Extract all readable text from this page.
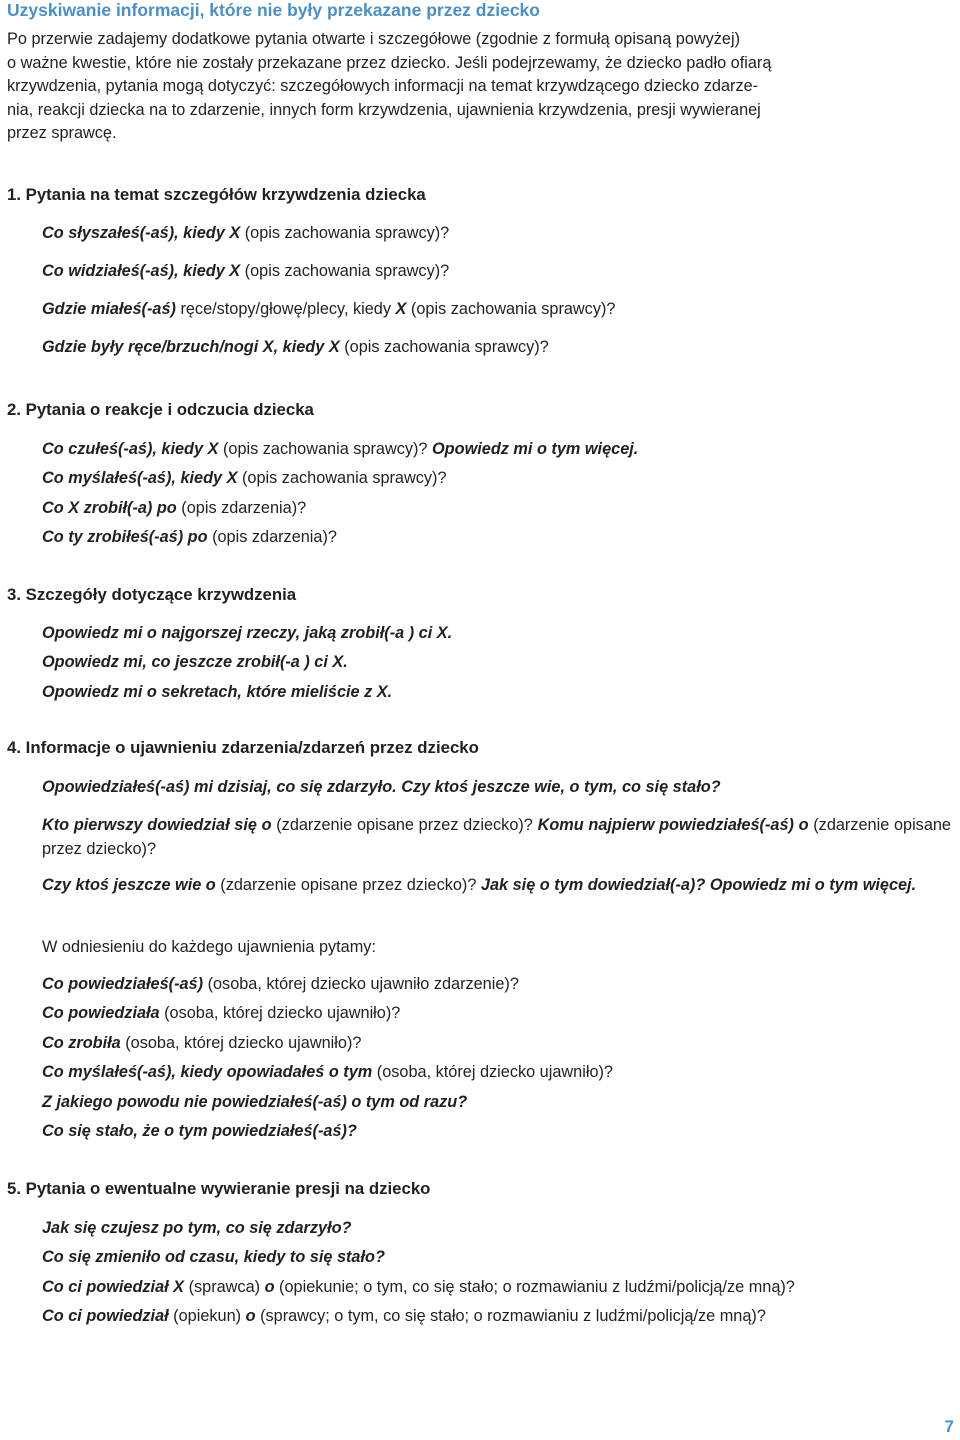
Uzyskiwanie informacji, które nie były przekazane przez dziecko

Po przerwie zadajemy dodatkowe pytania otwarte i szczegółowe (zgodnie z formułą opisaną powyżej)
o ważne kwestie, które nie zostały przekazane przez dziecko. Jeśli podejrzewamy, że dziecko padło ofiarą
krzywdzenia, pytania mogą dotyczyć: szczegółowych informacji na temat krzywdzącego dziecko zdarze-
nia, reakcji dziecka na to zdarzenie, innych form krzywdzenia, ujawnienia krzywdzenia, presji wywieranej
przez sprawcę.

1. Pytania na temat szczegółów krzywdzenia dziecka

Co słyszałeś(-aś), kiedy X (opis zachowania sprawcy)?

Co widziałeś(-aś), kiedy X (opis zachowania sprawcy)?

Gdzie miałeś(-aś) ręce/stopy/głowę/plecy, kiedy X (opis zachowania sprawcy)?

Gdzie były ręce/brzuch/nogi X, kiedy X (opis zachowania sprawcy)?

2. Pytania o reakcje i odczucia dziecka

Co czułeś(-aś), kiedy X (opis zachowania sprawcy)? Opowiedz mi o tym więcej.

Co myślałeś(-aś), kiedy X (opis zachowania sprawcy)?

Co X zrobił(-a) po (opis zdarzenia)?

Co ty zrobiłeś(-aś) po (opis zdarzenia)?

3. Szczegóły dotyczące krzywdzenia

Opowiedz mi o najgorszej rzeczy, jaką zrobił(-a ) ci X.

Opowiedz mi, co jeszcze zrobił(-a ) ci X.

Opowiedz mi o sekretach, które mieliście z X.

4. Informacje o ujawnieniu zdarzenia/zdarzeń przez dziecko

Opowiedziałeś(-aś) mi dzisiaj, co się zdarzyło. Czy ktoś jeszcze wie, o tym, co się stało?

Kto pierwszy dowiedział się o (zdarzenie opisane przez dziecko)? Komu najpierw powiedziałeś(-aś) o (zdarzenie opisane przez dziecko)?

Czy ktoś jeszcze wie o (zdarzenie opisane przez dziecko)? Jak się o tym dowiedział(-a)? Opowiedz mi o tym więcej.

W odniesieniu do każdego ujawnienia pytamy:

Co powiedziałeś(-aś) (osoba, której dziecko ujawniło zdarzenie)?

Co powiedziała (osoba, której dziecko ujawniło)?

Co zrobiła (osoba, której dziecko ujawniło)?

Co myślałeś(-aś), kiedy opowiadałeś o tym (osoba, której dziecko ujawniło)?

Z jakiego powodu nie powiedziałeś(-aś) o tym od razu?

Co się stało, że o tym powiedziałeś(-aś)?

5. Pytania o ewentualne wywieranie presji na dziecko

Jak się czujesz po tym, co się zdarzyło?

Co się zmieniło od czasu, kiedy to się stało?

Co ci powiedział X (sprawca) o (opiekunie; o tym, co się stało; o rozmawianiu z ludźmi/policją/ze mną)?

Co ci powiedział (opiekun) o (sprawcy; o tym, co się stało; o rozmawianiu z ludźmi/policją/ze mną)?

7
